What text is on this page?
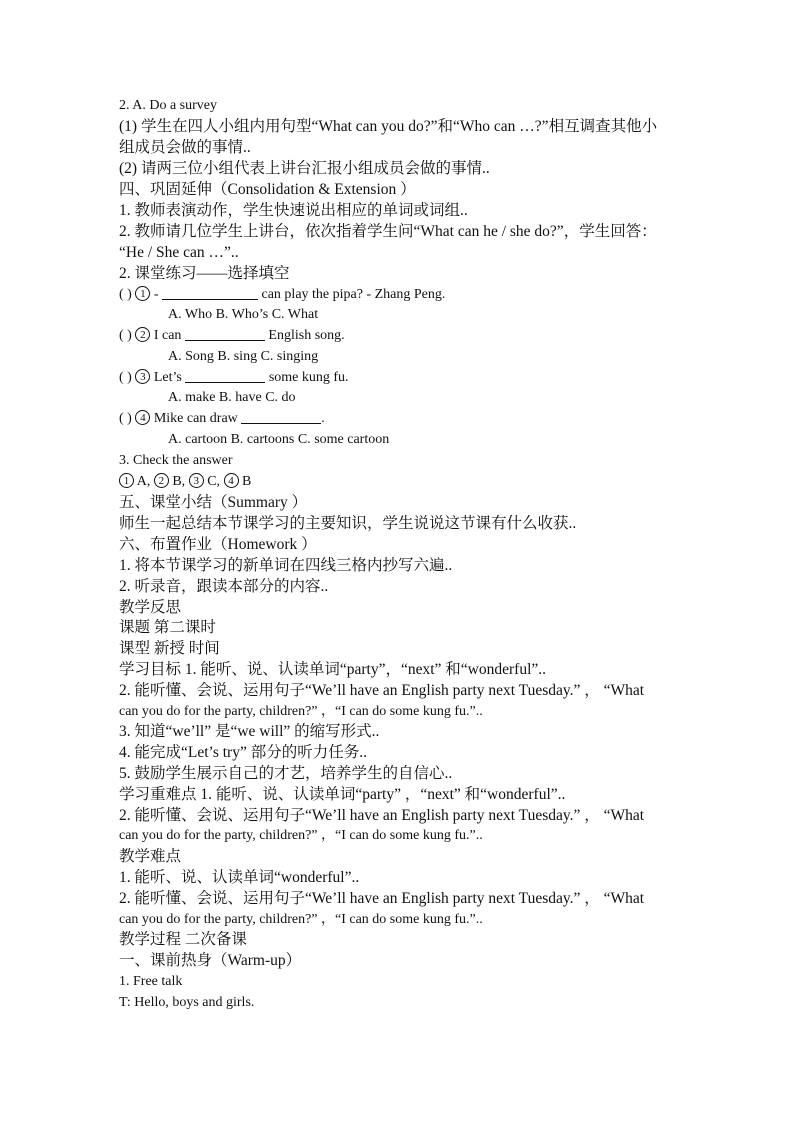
2. A. Do a survey
(1) 学生在四人小组内用句型“What can you do?”和“Who can …?”相互调查其他小
组成员会做的事情..
(2) 请两三位小组代表上讲台汇报小组成员会做的事情..
四、巩固延伸（Consolidation & Extension ）
1. 教师表演动作，学生快速说出相应的单词或词组..
2. 教师请几位学生上讲台，依次指着学生问“What can he / she do?”，学生回答：
“He / She can …”..
2. 课堂练习——选择填空
( ) 1 -	can play the pipa? - Zhang Peng.
A. Who B. Who’s C. What
( ) 2 I can	English song.
A. Song B. sing C. singing
( ) 3 Let’s	some kung fu.
A. make B. have C. do
( ) 4 Mike can draw	.
A. cartoon B. cartoons C. some cartoon
3. Check the answer
1 A, 2 B, 3 C, 4 B
五、课堂小结（Summary ）
师生一起总结本节课学习的主要知识，学生说说这节课有什么收获..
六、布置作业（Homework ）
1. 将本节课学习的新单词在四线三格内抄写六遍..
2. 听录音，跟读本部分的内容..
教学反思
课题 第二课时
课型 新授 时间
学习目标 1. 能听、说、认读单词“party”，“next” 和“wonderful”..
2. 能听懂、会说、运用句子“We’ll have an English party next Tuesday.” ， “What
can you do for the party, children?” ，“I can do some kung fu.”..
3. 知道“we’ll” 是“we will” 的缩写形式..
4. 能完成“Let’s try” 部分的听力任务..
5. 鼓励学生展示自己的才艺，培养学生的自信心..
学习重难点 1. 能听、说、认读单词“party” ，“next” 和“wonderful”..
2. 能听懂、会说、运用句子“We’ll have an English party next Tuesday.” ， “What
can you do for the party, children?” ，“I can do some kung fu.”..
教学难点
1. 能听、说、认读单词“wonderful”..
2. 能听懂、会说、运用句子“We’ll have an English party next Tuesday.” ， “What
can you do for the party, children?” ，“I can do some kung fu.”..
教学过程 二次备课
一、课前热身（Warm-up）
1. Free talk
T: Hello, boys and girls.
